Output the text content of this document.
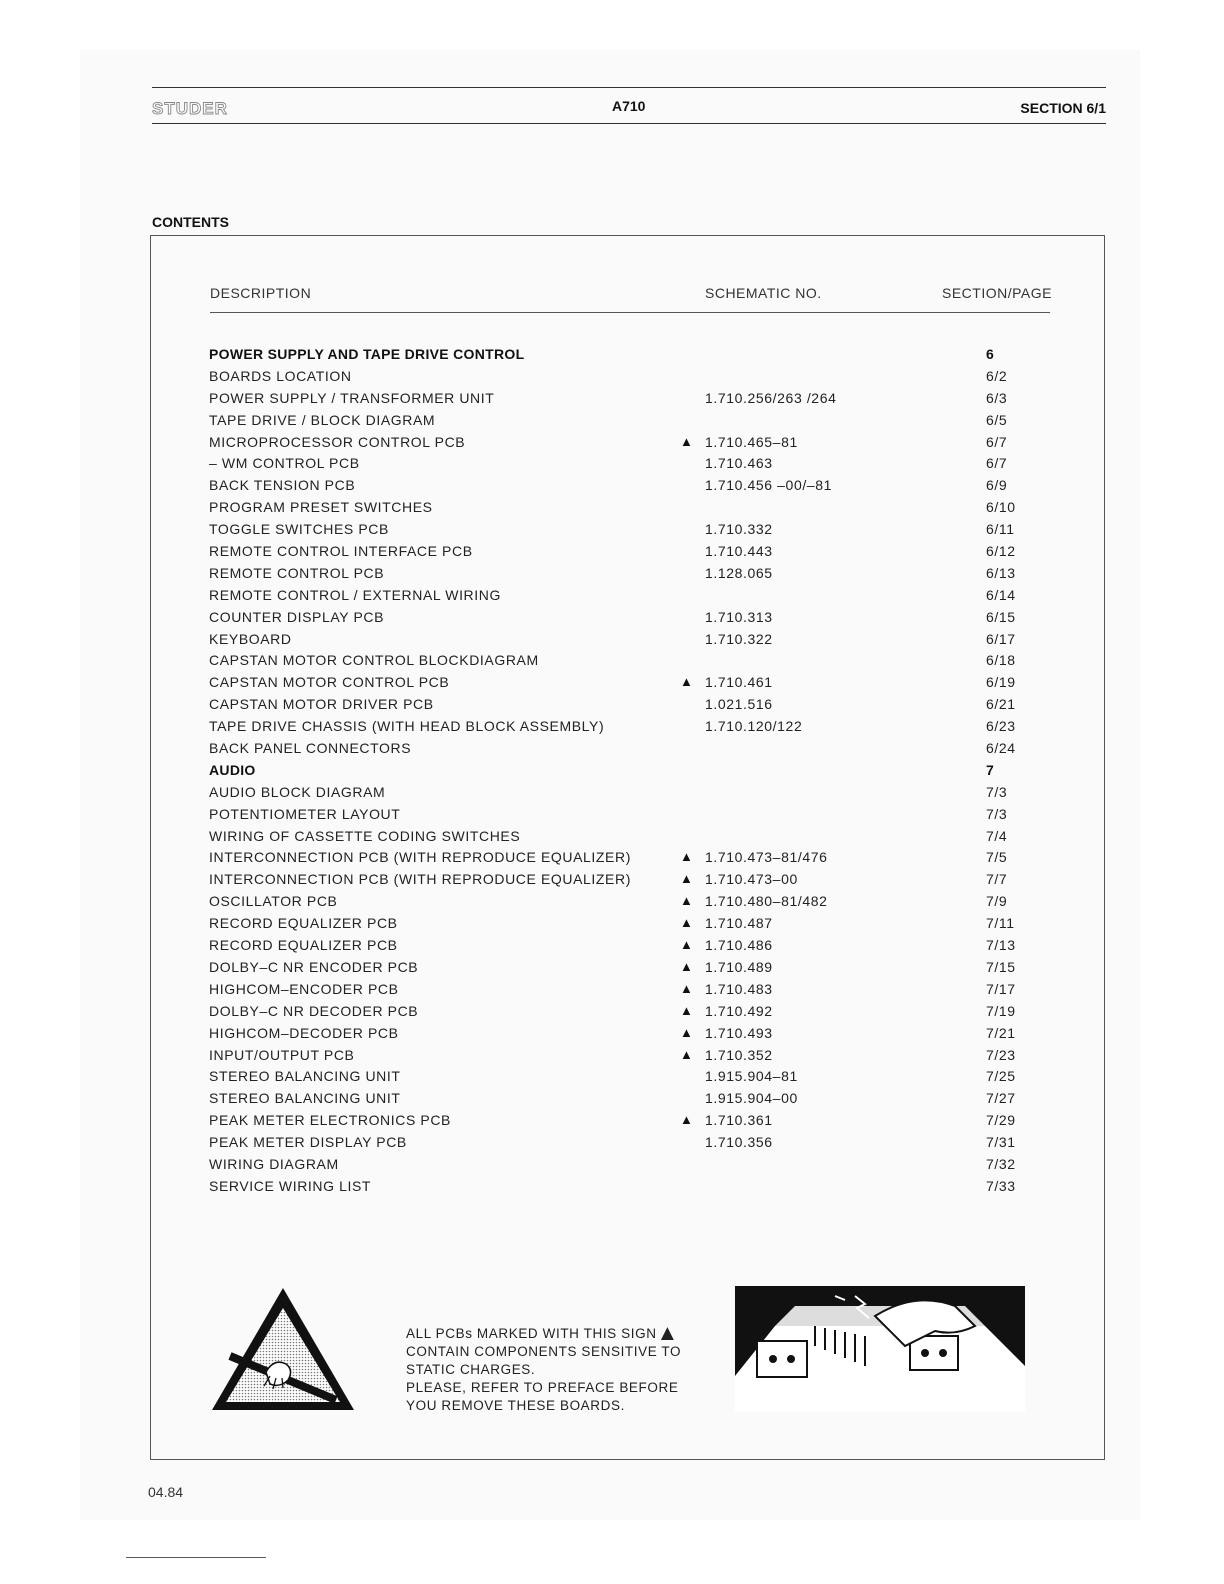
STUDER	A710	SECTION 6/1
CONTENTS
DESCRIPTION	SCHEMATIC NO.	SECTION/PAGE
POWER SUPPLY AND TAPE DRIVE CONTROL	6
BOARDS LOCATION	6/2
POWER SUPPLY / TRANSFORMER UNIT	1.710.256/263 /264	6/3
TAPE DRIVE / BLOCK DIAGRAM	6/5
MICROPROCESSOR CONTROL PCB	▲ 1.710.465–81	6/7
– WM CONTROL PCB	1.710.463	6/7
BACK TENSION PCB	1.710.456 –00/–81	6/9
PROGRAM PRESET SWITCHES	6/10
TOGGLE SWITCHES PCB	1.710.332	6/11
REMOTE CONTROL INTERFACE PCB	1.710.443	6/12
REMOTE CONTROL PCB	1.128.065	6/13
REMOTE CONTROL / EXTERNAL WIRING	6/14
COUNTER DISPLAY PCB	1.710.313	6/15
KEYBOARD	1.710.322	6/17
CAPSTAN MOTOR CONTROL BLOCKDIAGRAM	6/18
CAPSTAN MOTOR CONTROL PCB	▲ 1.710.461	6/19
CAPSTAN MOTOR DRIVER PCB	1.021.516	6/21
TAPE DRIVE CHASSIS (WITH HEAD BLOCK ASSEMBLY)	1.710.120/122	6/23
BACK PANEL CONNECTORS	6/24
AUDIO	7
AUDIO BLOCK DIAGRAM	7/3
POTENTIOMETER LAYOUT	7/3
WIRING OF CASSETTE CODING SWITCHES	7/4
INTERCONNECTION PCB (WITH REPRODUCE EQUALIZER)	▲ 1.710.473–81/476	7/5
INTERCONNECTION PCB (WITH REPRODUCE EQUALIZER)	▲ 1.710.473–00	7/7
OSCILLATOR PCB	▲ 1.710.480–81/482	7/9
RECORD EQUALIZER PCB	▲ 1.710.487	7/11
RECORD EQUALIZER PCB	▲ 1.710.486	7/13
DOLBY–C NR ENCODER PCB	▲ 1.710.489	7/15
HIGHCOM–ENCODER PCB	▲ 1.710.483	7/17
DOLBY–C NR DECODER PCB	▲ 1.710.492	7/19
HIGHCOM–DECODER PCB	▲ 1.710.493	7/21
INPUT/OUTPUT PCB	▲ 1.710.352	7/23
STEREO BALANCING UNIT	1.915.904–81	7/25
STEREO BALANCING UNIT	1.915.904–00	7/27
PEAK METER ELECTRONICS PCB	▲ 1.710.361	7/29
PEAK METER DISPLAY PCB	1.710.356	7/31
WIRING DIAGRAM	7/32
SERVICE WIRING LIST	7/33
ALL PCBs MARKED WITH THIS SIGN▲
CONTAIN COMPONENTS SENSITIVE TO
STATIC CHARGES.
PLEASE, REFER TO PREFACE BEFORE
YOU REMOVE THESE BOARDS.
04.84
